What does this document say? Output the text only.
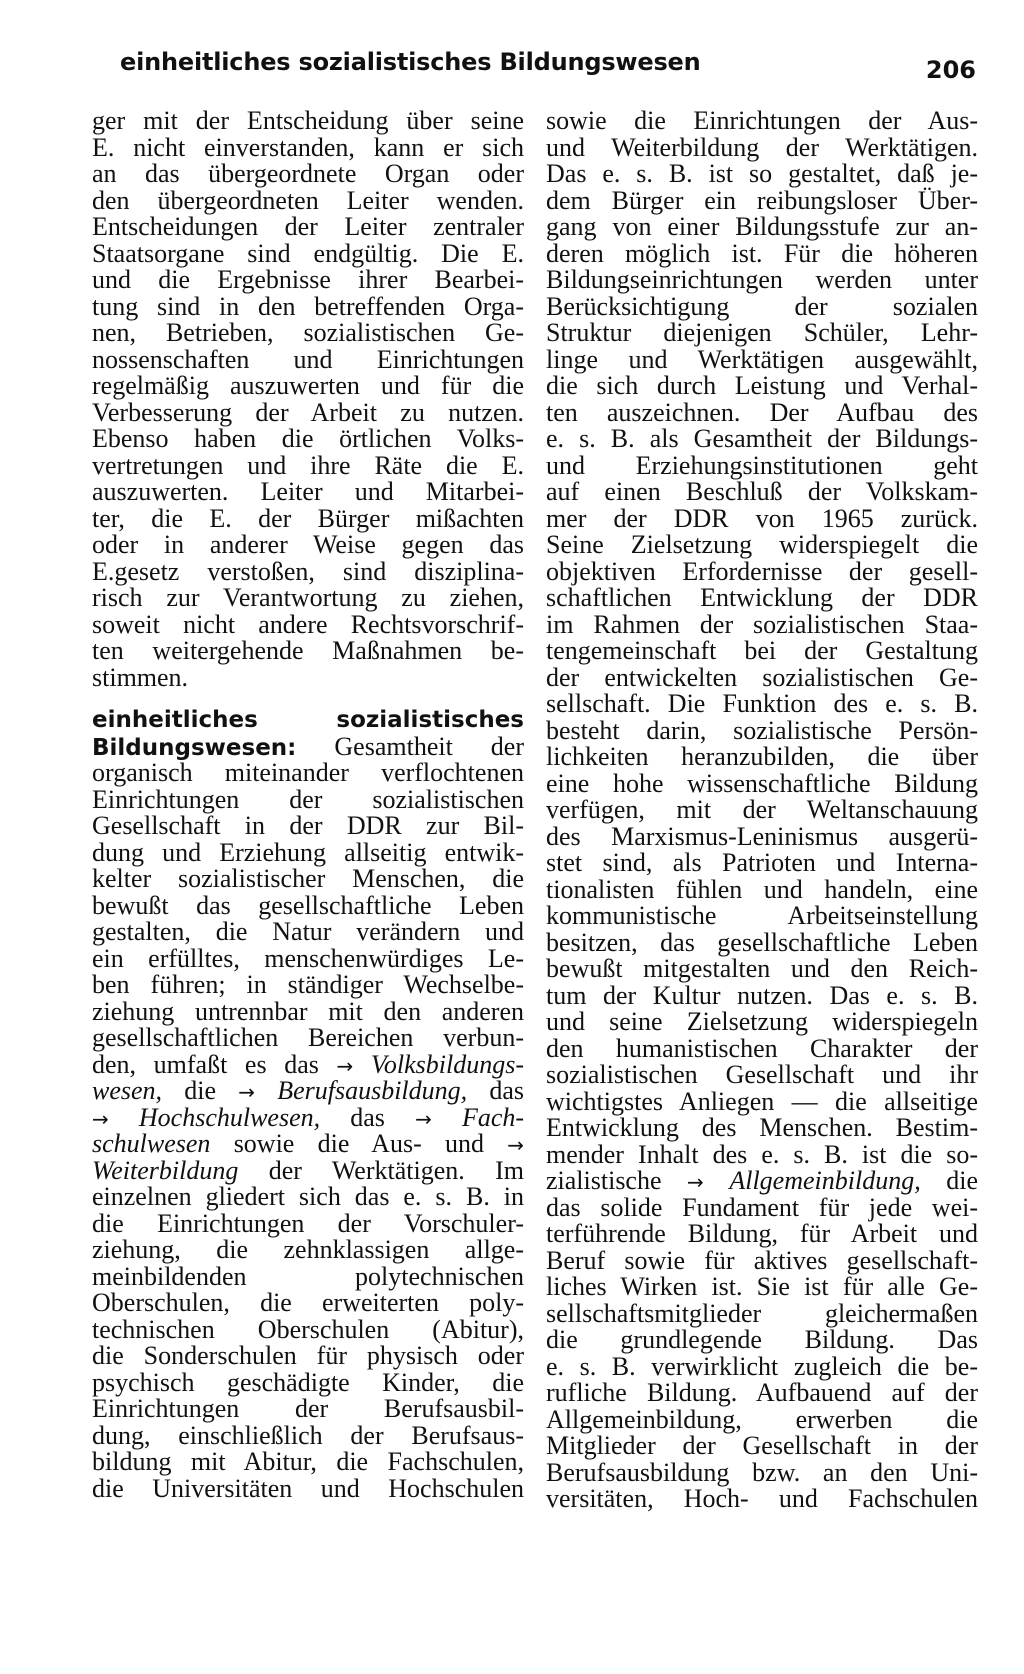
einheitliches sozialistisches Bildungswesen	206
ger mit der Entscheidung über seine
E. nicht einverstanden, kann er sich
an das übergeordnete Organ oder
den übergeordneten Leiter wenden.
Entscheidungen der Leiter zentraler
Staatsorgane sind endgültig. Die E.
und die Ergebnisse ihrer Bearbei-
tung sind in den betreffenden Orga-
nen, Betrieben, sozialistischen Ge-
nossenschaften und Einrichtungen
regelmäßig auszuwerten und für die
Verbesserung der Arbeit zu nutzen.
Ebenso haben die örtlichen Volks-
vertretungen und ihre Räte die E.
auszuwerten. Leiter und Mitarbei-
ter, die E. der Bürger mißachten
oder in anderer Weise gegen das
E.gesetz verstoßen, sind disziplina-
risch zur Verantwortung zu ziehen,
soweit nicht andere Rechtsvorschrif-
ten weitergehende Maßnahmen be-
stimmen.
einheitliches sozialistisches
Bildungswesen: Gesamtheit der
organisch miteinander verflochtenen
Einrichtungen der sozialistischen
Gesellschaft in der DDR zur Bil-
dung und Erziehung allseitig entwik-
kelter sozialistischer Menschen, die
bewußt das gesellschaftliche Leben
gestalten, die Natur verändern und
ein erfülltes, menschenwürdiges Le-
ben führen; in ständiger Wechselbe-
ziehung untrennbar mit den anderen
gesellschaftlichen Bereichen verbun-
den, umfaßt es das → Volksbildungs-
wesen, die → Berufsausbildung, das
→ Hochschulwesen, das → Fach-
schulwesen sowie die Aus- und →
Weiterbildung der Werktätigen. Im
einzelnen gliedert sich das e. s. B. in
die Einrichtungen der Vorschuler-
ziehung, die zehnklassigen allge-
meinbildenden polytechnischen
Oberschulen, die erweiterten poly-
technischen Oberschulen (Abitur),
die Sonderschulen für physisch oder
psychisch geschädigte Kinder, die
Einrichtungen der Berufsausbil-
dung, einschließlich der Berufsaus-
bildung mit Abitur, die Fachschulen,
die Universitäten und Hochschulen
sowie die Einrichtungen der Aus-
und Weiterbildung der Werktätigen.
Das e. s. B. ist so gestaltet, daß je-
dem Bürger ein reibungsloser Über-
gang von einer Bildungsstufe zur an-
deren möglich ist. Für die höheren
Bildungseinrichtungen werden unter
Berücksichtigung der sozialen
Struktur diejenigen Schüler, Lehr-
linge und Werktätigen ausgewählt,
die sich durch Leistung und Verhal-
ten auszeichnen. Der Aufbau des
e. s. B. als Gesamtheit der Bildungs-
und Erziehungsinstitutionen geht
auf einen Beschluß der Volkskam-
mer der DDR von 1965 zurück.
Seine Zielsetzung widerspiegelt die
objektiven Erfordernisse der gesell-
schaftlichen Entwicklung der DDR
im Rahmen der sozialistischen Staa-
tengemeinschaft bei der Gestaltung
der entwickelten sozialistischen Ge-
sellschaft. Die Funktion des e. s. B.
besteht darin, sozialistische Persön-
lichkeiten heranzubilden, die über
eine hohe wissenschaftliche Bildung
verfügen, mit der Weltanschauung
des Marxismus-Leninismus ausgerü-
stet sind, als Patrioten und Interna-
tionalisten fühlen und handeln, eine
kommunistische Arbeitseinstellung
besitzen, das gesellschaftliche Leben
bewußt mitgestalten und den Reich-
tum der Kultur nutzen. Das e. s. B.
und seine Zielsetzung widerspiegeln
den humanistischen Charakter der
sozialistischen Gesellschaft und ihr
wichtigstes Anliegen — die allseitige
Entwicklung des Menschen. Bestim-
mender Inhalt des e. s. B. ist die so-
zialistische → Allgemeinbildung, die
das solide Fundament für jede wei-
terführende Bildung, für Arbeit und
Beruf sowie für aktives gesellschaft-
liches Wirken ist. Sie ist für alle Ge-
sellschaftsmitglieder gleichermaßen
die grundlegende Bildung. Das
e. s. B. verwirklicht zugleich die be-
rufliche Bildung. Aufbauend auf der
Allgemeinbildung, erwerben die
Mitglieder der Gesellschaft in der
Berufsausbildung bzw. an den Uni-
versitäten, Hoch- und Fachschulen
